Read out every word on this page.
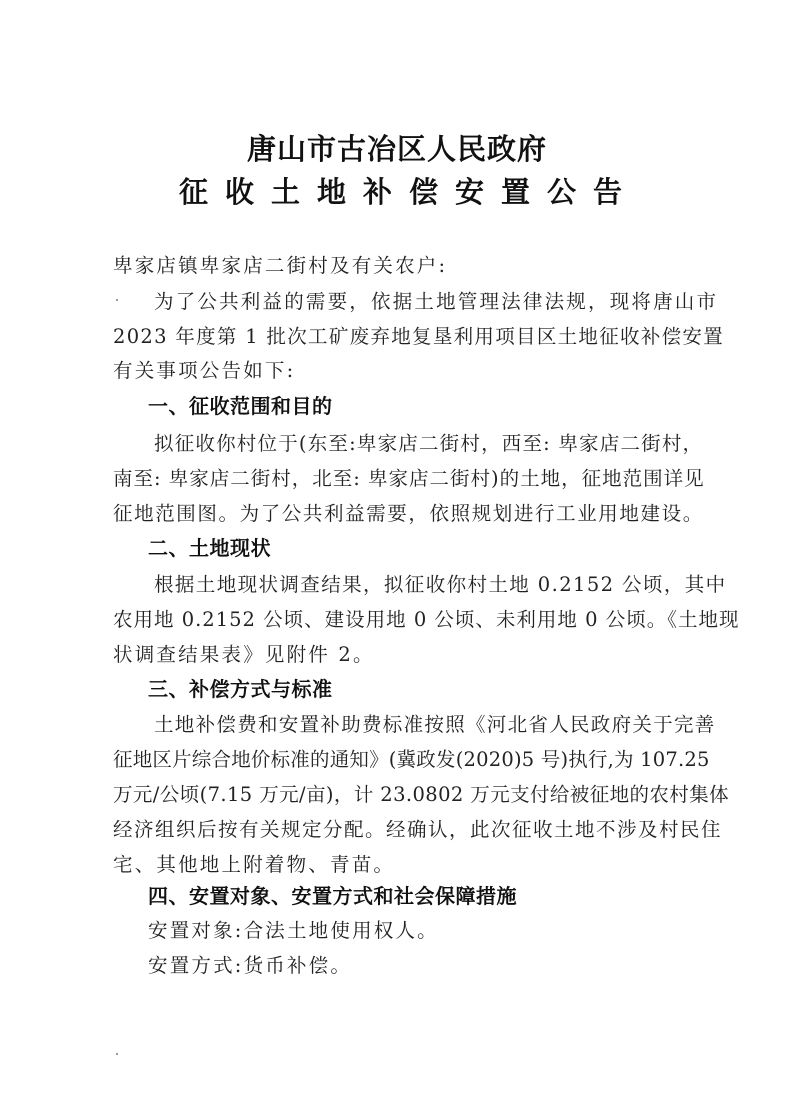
唐山市古冶区人民政府
征收土地补偿安置公告
卑家店镇卑家店二街村及有关农户:
为了公共利益的需要，依据土地管理法律法规，现将唐山市
2023 年度第 1 批次工矿废弃地复垦利用项目区土地征收补偿安置
有关事项公告如下:
一、征收范围和目的
拟征收你村位于(东至:卑家店二街村，西至: 卑家店二街村，
南至: 卑家店二街村，北至: 卑家店二街村)的土地，征地范围详见
征地范围图。为了公共利益需要，依照规划进行工业用地建设。
二、土地现状
根据土地现状调查结果，拟征收你村土地 0.2152 公顷，其中
农用地 0.2152 公顷、建设用地 0 公顷、未利用地 0 公顷。《土地现
状调查结果表》见附件 2。
三、补偿方式与标准
土地补偿费和安置补助费标准按照《河北省人民政府关于完善
征地区片综合地价标准的通知》(冀政发(2020)5 号)执行,为 107.25
万元/公顷(7.15 万元/亩)，计 23.0802 万元支付给被征地的农村集体
经济组织后按有关规定分配。经确认，此次征收土地不涉及村民住
宅、其他地上附着物、青苗。
四、安置对象、安置方式和社会保障措施
安置对象:合法土地使用权人。
安置方式:货币补偿。
